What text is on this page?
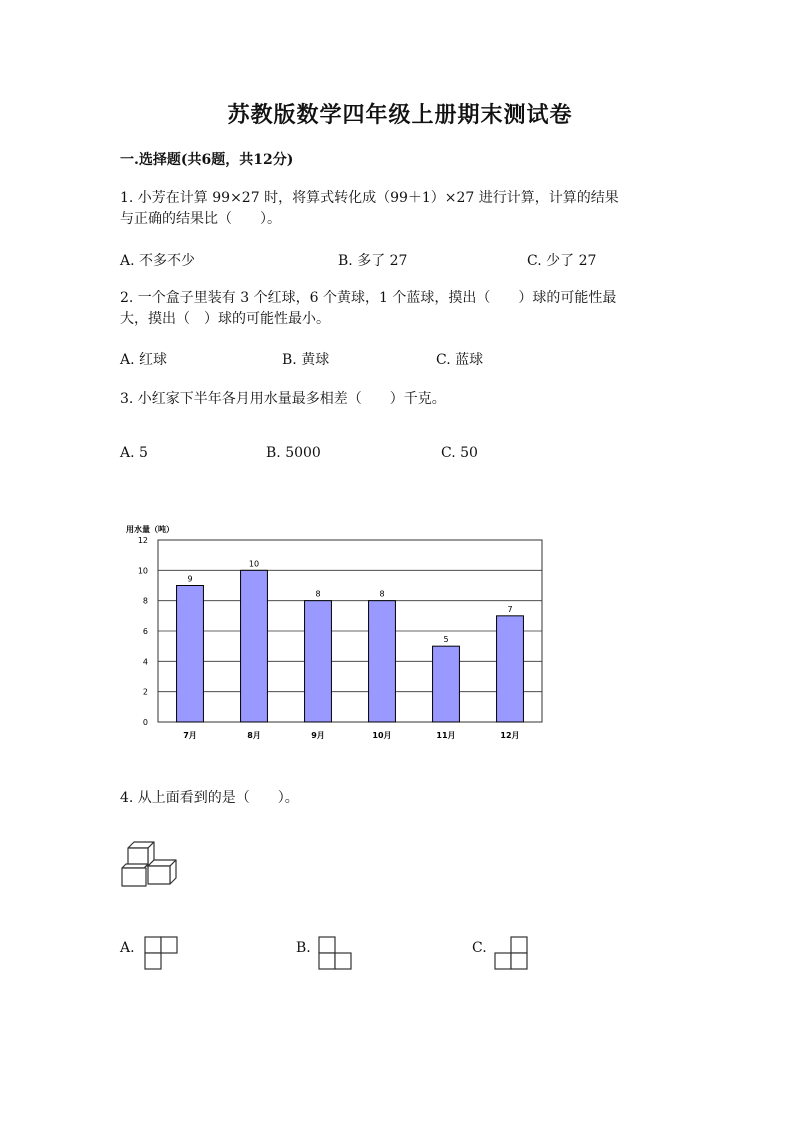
苏教版数学四年级上册期末测试卷
一.选择题(共6题，共12分)
1. 小芳在计算 99×27 时，将算式转化成（99＋1）×27 进行计算，计算的结果
与正确的结果比（　　）。
A. 不多不少	B. 多了 27	C. 少了 27
2. 一个盒子里装有 3 个红球，6 个黄球，1 个蓝球，摸出（　　）球的可能性最
大，摸出（　）球的可能性最小。
A. 红球	B. 黄球	C. 蓝球
3. 小红家下半年各月用水量最多相差（　　）千克。
A. 5	B. 5000	C. 50
用水量（吨）
0
2
4
6
8
10
12
9
7月
10
8月
8
9月
8
10月
5
11月
7
12月
4. 从上面看到的是（　　）。
A.	B.	C.
